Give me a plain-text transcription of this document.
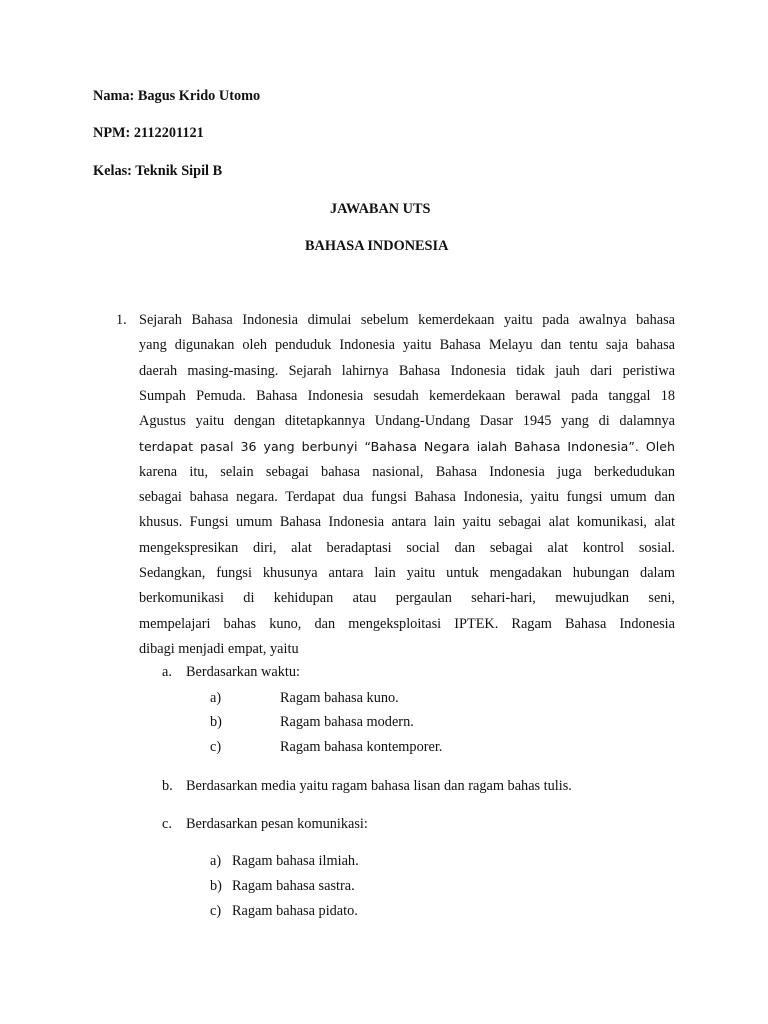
Nama: Bagus Krido Utomo
NPM: 2112201121
Kelas: Teknik Sipil B
JAWABAN UTS
BAHASA INDONESIA
1. Sejarah Bahasa Indonesia dimulai sebelum kemerdekaan yaitu pada awalnya bahasa
yang digunakan oleh penduduk Indonesia yaitu Bahasa Melayu dan tentu saja bahasa
daerah masing-masing. Sejarah lahirnya Bahasa Indonesia tidak jauh dari peristiwa
Sumpah Pemuda. Bahasa Indonesia sesudah kemerdekaan berawal pada tanggal 18
Agustus yaitu dengan ditetapkannya Undang-Undang Dasar 1945 yang di dalamnya
terdapat pasal 36 yang berbunyi “Bahasa Negara ialah Bahasa Indonesia”. Oleh
karena itu, selain sebagai bahasa nasional, Bahasa Indonesia juga berkedudukan
sebagai bahasa negara. Terdapat dua fungsi Bahasa Indonesia, yaitu fungsi umum dan
khusus. Fungsi umum Bahasa Indonesia antara lain yaitu sebagai alat komunikasi, alat
mengekspresikan diri, alat beradaptasi social dan sebagai alat kontrol sosial.
Sedangkan, fungsi khusunya antara lain yaitu untuk mengadakan hubungan dalam
berkomunikasi di kehidupan atau pergaulan sehari-hari, mewujudkan seni,
mempelajari bahas kuno, dan mengeksploitasi IPTEK. Ragam Bahasa Indonesia
dibagi menjadi empat, yaitu
a. Berdasarkan waktu:
a)	Ragam bahasa kuno.
b)	Ragam bahasa modern.
c)	Ragam bahasa kontemporer.
b. Berdasarkan media yaitu ragam bahasa lisan dan ragam bahas tulis.
c. Berdasarkan pesan komunikasi:
a) Ragam bahasa ilmiah.
b) Ragam bahasa sastra.
c) Ragam bahasa pidato.
